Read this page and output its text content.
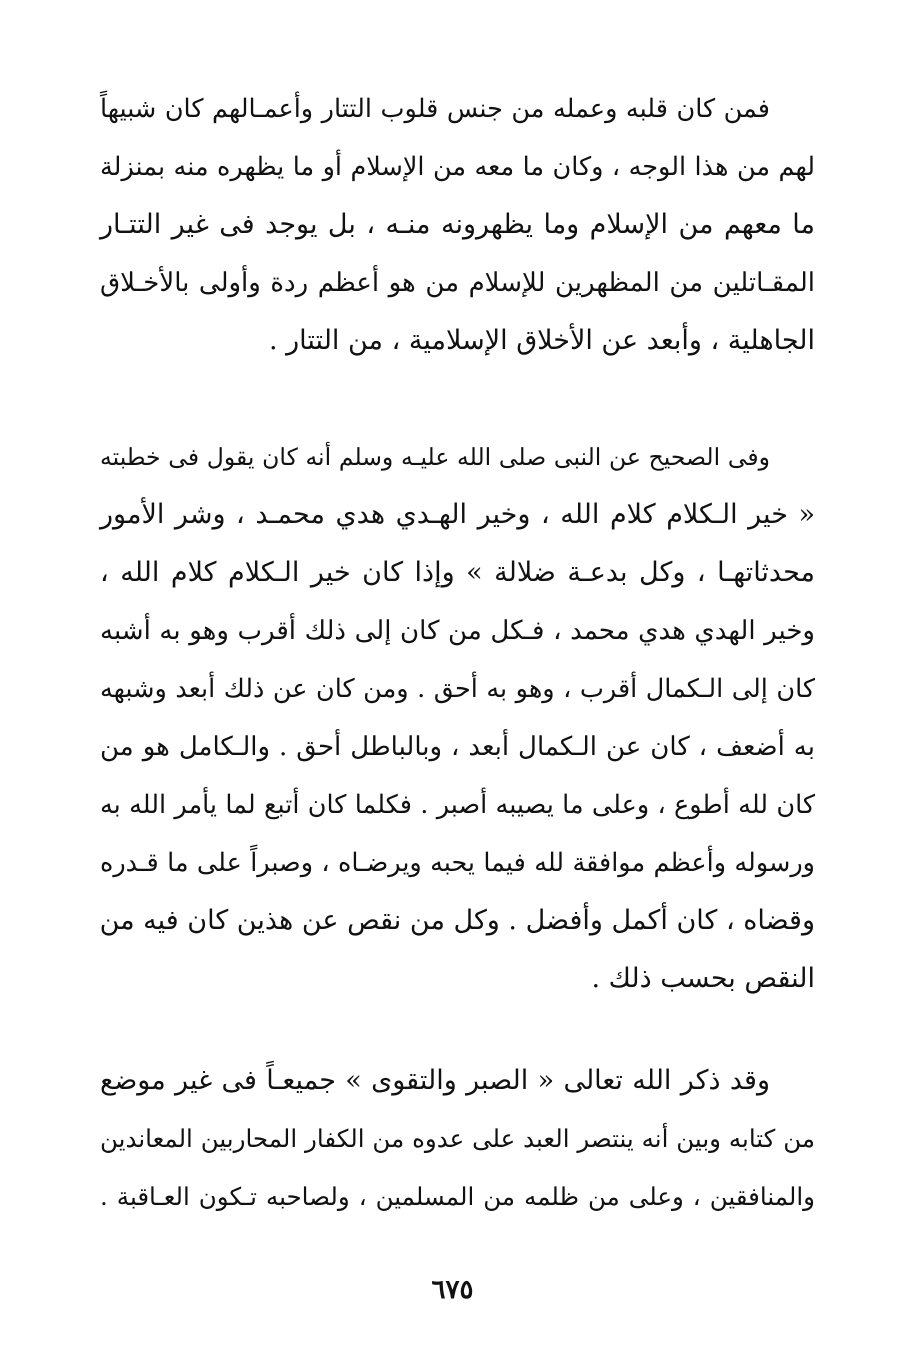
فمن كان قلبه وعمله من جنس قلوب التتار وأعمـالهم كان شبيهاً
لهم من هذا الوجه ، وكان ما معه من الإسلام أو ما يظهره منه بمنزلة
ما معهم من الإسلام وما يظهرونه منـه ، بل يوجد فى غير التتـار
المقـاتلين من المظهرين للإسلام من هو أعظم ردة وأولى بالأخـلاق
الجاهلية ، وأبعد عن الأخلاق الإسلامية ، من التتار .
وفى الصحيح عن النبى صلى الله عليـه وسلم أنه كان يقول فى خطبته
« خير الـكلام كلام الله ، وخير الهـدي هدي محمـد ، وشر الأمور
محدثاتهـا ، وكل بدعـة ضلالة » وإذا كان خير الـكلام كلام الله ،
وخير الهدي هدي محمد ، فـكل من كان إلى ذلك أقرب وهو به أشبه
كان إلى الـكمال أقرب ، وهو به أحق . ومن كان عن ذلك أبعد وشبهه
به أضعف ، كان عن الـكمال أبعد ، وبالباطل أحق . والـكامل هو من
كان لله أطوع ، وعلى ما يصيبه أصبر . فكلما كان أتبع لما يأمر الله به
ورسوله وأعظم موافقة لله فيما يحبه ويرضـاه ، وصبراً على ما قـدره
وقضاه ، كان أكمل وأفضل . وكل من نقص عن هذين كان فيه من
النقص بحسب ذلك .
وقد ذكر الله تعالى « الصبر والتقوى » جميعـاً فى غير موضع
من كتابه وبين أنه ينتصر العبد على عدوه من الكفار المحاربين المعاندين
والمنافقين ، وعلى من ظلمه من المسلمين ، ولصاحبه تـكون العـاقبة .
٦٧٥
